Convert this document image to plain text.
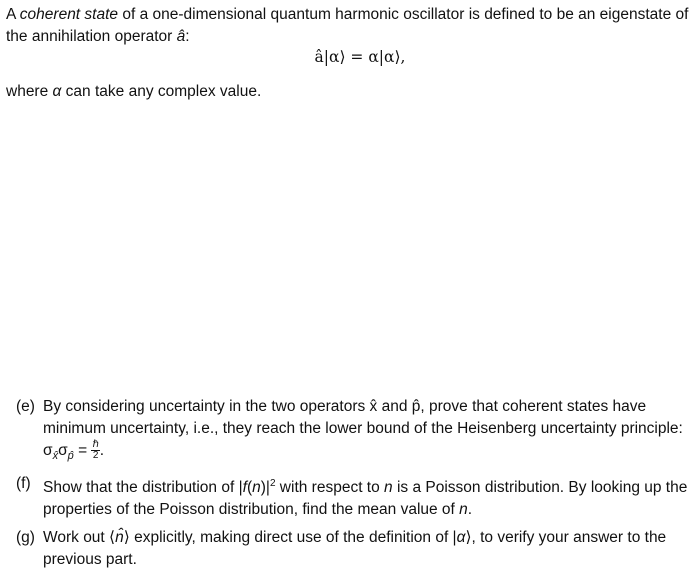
A coherent state of a one-dimensional quantum harmonic oscillator is defined to be an eigenstate of the annihilation operator â:

â|α⟩ = α|α⟩,
where α can take any complex value.
(e) By considering uncertainty in the two operators x̂ and p̂, prove that coherent states have minimum uncertainty, i.e., they reach the lower bound of the Heisenberg uncertainty principle: $\sigma_{x̂}\sigma_{p̂}$ = ℏ
2 .
(f) Show that the distribution of $|f(n)|^2$ with respect to n is a Poisson distribution. By looking up the properties of the Poisson distribution, find the mean value of n.
(g) Work out ⟨n̂⟩ explicitly, making direct use of the definition of |α⟩, to verify your answer to the previous part.
